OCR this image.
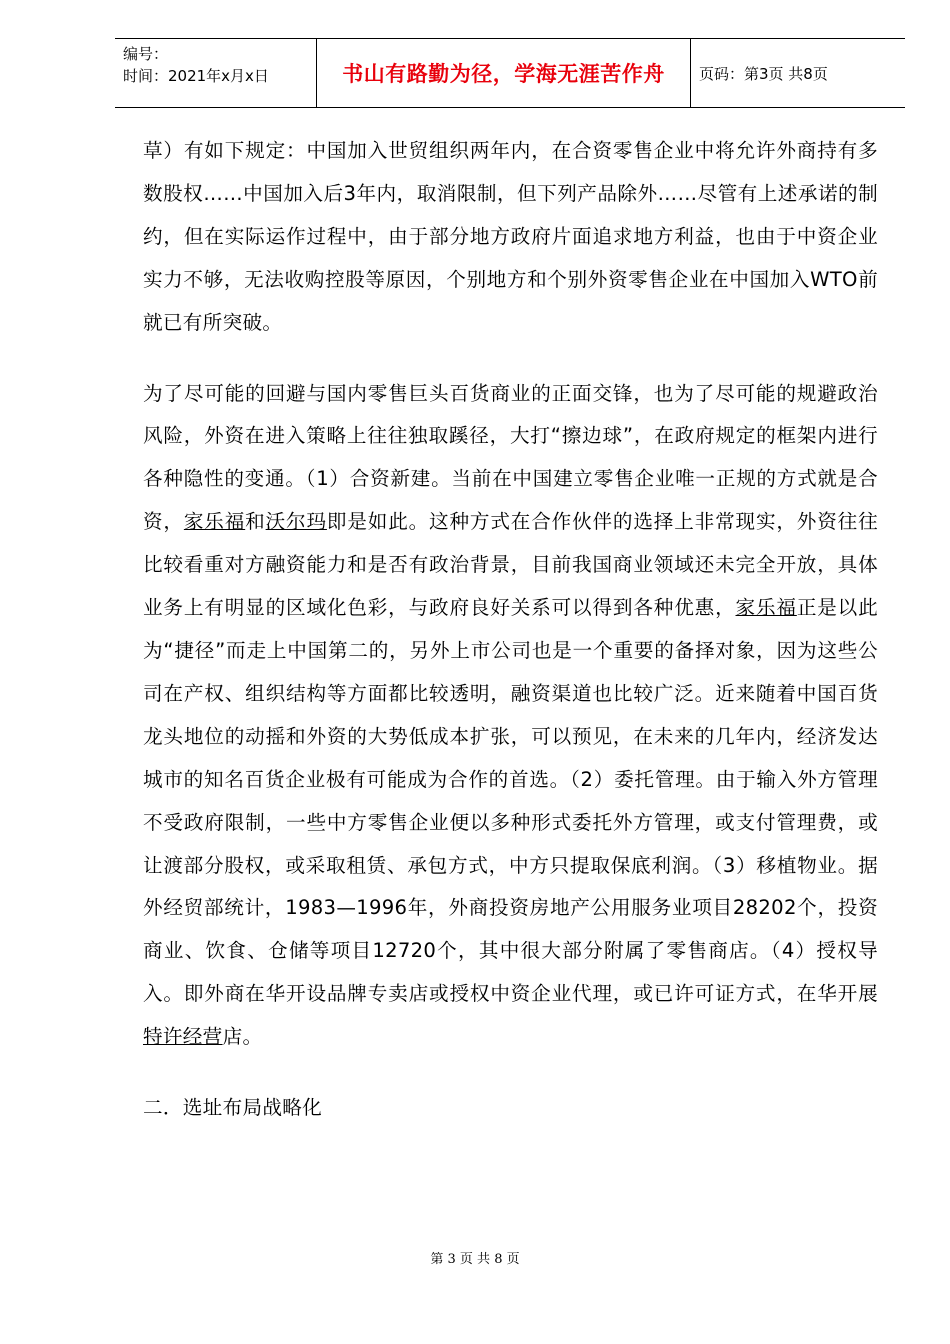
编号：
时间：2021年x月x日	书山有路勤为径，学海无涯苦作舟 页码：第3页 共8页

草）有如下规定：中国加入世贸组织两年内，在合资零售企业中将允许外商持有多数股权……中国加入后3年内，取消限制，但下列产品除外……尽管有上述承诺的制约，但在实际运作过程中，由于部分地方政府片面追求地方利益，也由于中资企业实力不够，无法收购控股等原因，个别地方和个别外资零售企业在中国加入WTO前就已有所突破。

为了尽可能的回避与国内零售巨头百货商业的正面交锋，也为了尽可能的规避政治风险，外资在进入策略上往往独取蹊径，大打“擦边球”，在政府规定的框架内进行各种隐性的变通。（1）合资新建。当前在中国建立零售企业唯一正规的方式就是合资，家乐福和沃尔玛即是如此。这种方式在合作伙伴的选择上非常现实，外资往往比较看重对方融资能力和是否有政治背景，目前我国商业领域还未完全开放，具体业务上有明显的区域化色彩，与政府良好关系可以得到各种优惠，家乐福正是以此为“捷径”而走上中国第二的，另外上市公司也是一个重要的备择对象，因为这些公司在产权、组织结构等方面都比较透明，融资渠道也比较广泛。近来随着中国百货龙头地位的动摇和外资的大势低成本扩张，可以预见，在未来的几年内，经济发达城市的知名百货企业极有可能成为合作的首选。（2）委托管理。由于输入外方管理不受政府限制，一些中方零售企业便以多种形式委托外方管理，或支付管理费，或让渡部分股权，或采取租赁、承包方式，中方只提取保底利润。（3）移植物业。据外经贸部统计，1983—1996年，外商投资房地产公用服务业项目28202个，投资商业、饮食、仓储等项目12720个，其中很大部分附属了零售商店。（4）授权导入。即外商在华开设品牌专卖店或授权中资企业代理，或已许可证方式，在华开展特许经营店。

二．选址布局战略化

第 3 页 共 8 页
